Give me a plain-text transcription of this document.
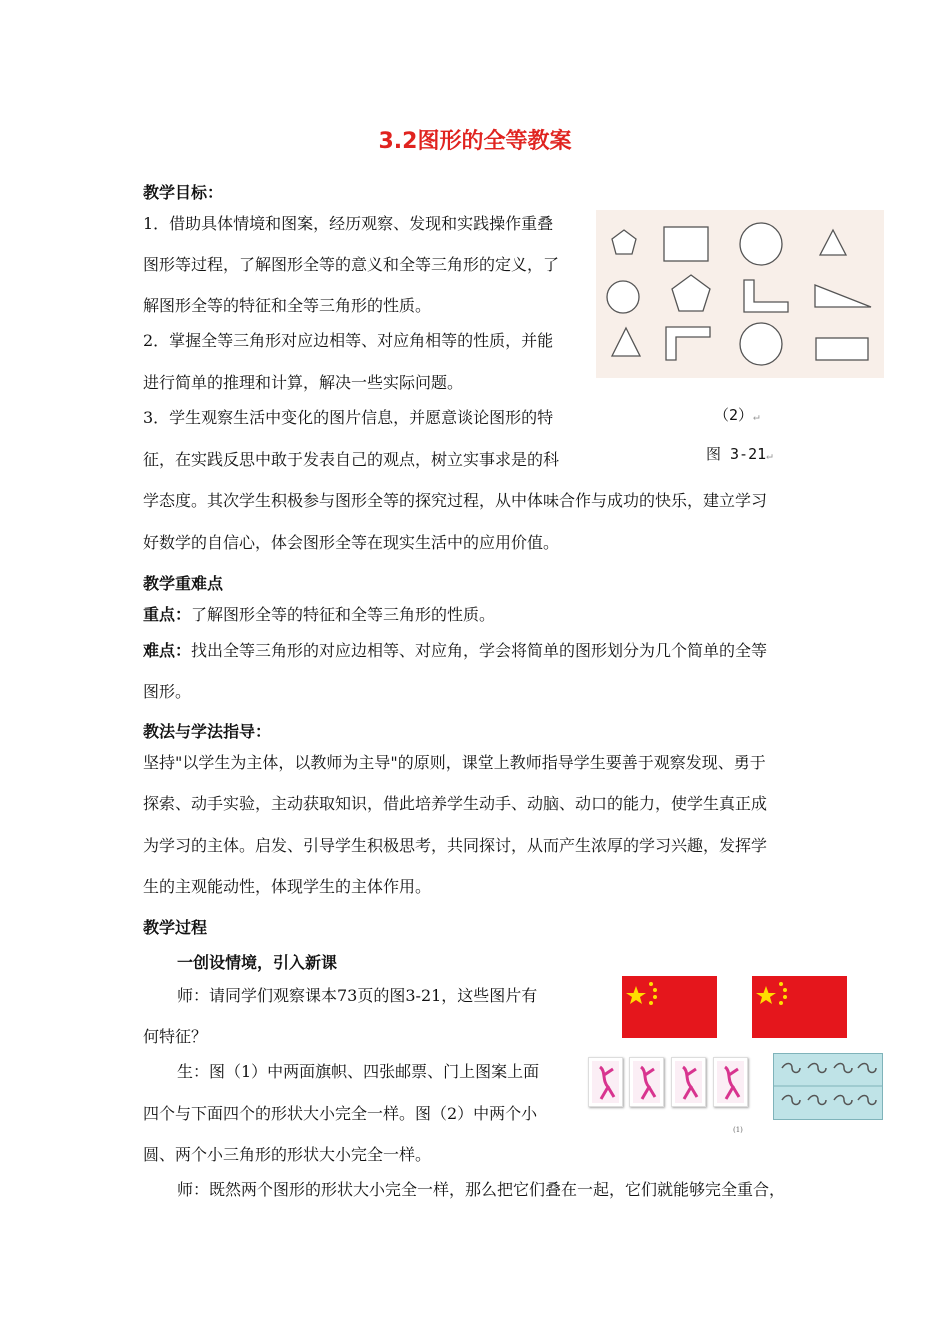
3.2图形的全等教案
教学目标：
1．借助具体情境和图案，经历观察、发现和实践操作重叠
图形等过程，了解图形全等的意义和全等三角形的定义，了
解图形全等的特征和全等三角形的性质。
2．掌握全等三角形对应边相等、对应角相等的性质，并能
进行简单的推理和计算，解决一些实际问题。
3．学生观察生活中变化的图片信息，并愿意谈论图形的特
征，在实践反思中敢于发表自己的观点，树立实事求是的科
学态度。其次学生积极参与图形全等的探究过程，从中体味合作与成功的快乐，建立学习
好数学的自信心，体会图形全等在现实生活中的应用价值。
（2）↵
图 3-21↵
教学重难点
重点：了解图形全等的特征和全等三角形的性质。
难点：找出全等三角形的对应边相等、对应角，学会将简单的图形划分为几个简单的全等
图形。
教法与学法指导：
坚持"以学生为主体，以教师为主导"的原则，课堂上教师指导学生要善于观察发现、勇于
探索、动手实验，主动获取知识，借此培养学生动手、动脑、动口的能力，使学生真正成
为学习的主体。启发、引导学生积极思考，共同探讨，从而产生浓厚的学习兴趣，发挥学
生的主观能动性，体现学生的主体作用。
教学过程
一创设情境，引入新课
师：请同学们观察课本73页的图3-21，这些图片有
何特征？
生：图（1）中两面旗帜、四张邮票、门上图案上面
四个与下面四个的形状大小完全一样。图（2）中两个小
圆、两个小三角形的形状大小完全一样。
师：既然两个图形的形状大小完全一样，那么把它们叠在一起，它们就能够完全重合，
(1)
